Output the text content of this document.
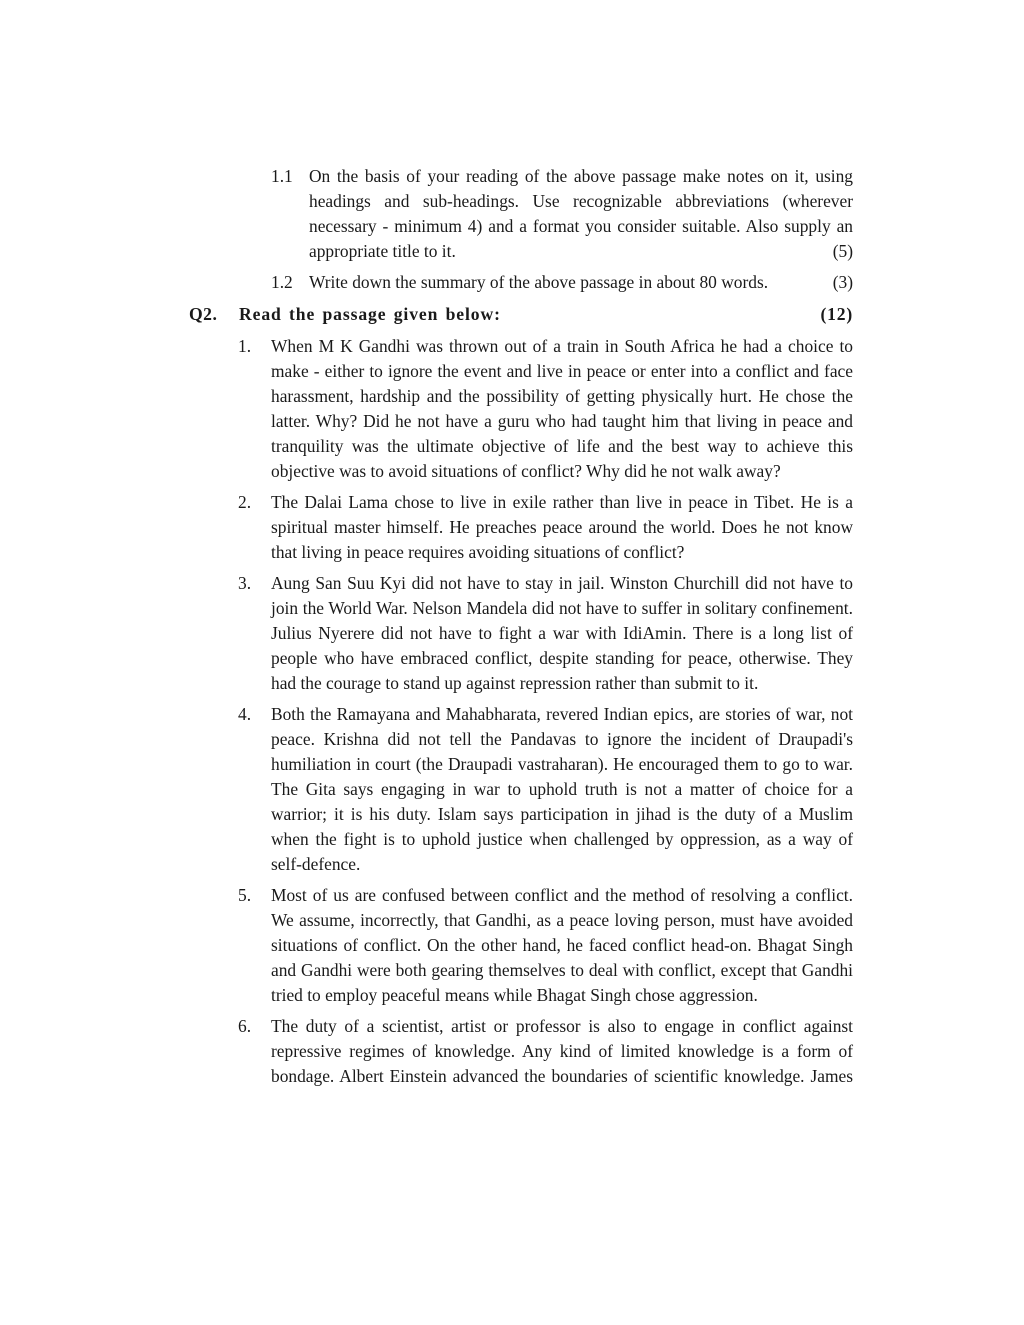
1.1 On the basis of your reading of the above passage make notes on it, using headings and sub-headings. Use recognizable abbreviations (wherever necessary - minimum 4) and a format you consider suitable. Also supply an appropriate title to it.	(5)
1.2	(3)
Write down the summary of the above passage in about 80 words.
Q2. Read the passage given below:	(12)
1. When M K Gandhi was thrown out of a train in South Africa he had a choice to make - either to ignore the event and live in peace or enter into a conflict and face harassment, hardship and the possibility of getting physically hurt. He chose the latter. Why? Did he not have a guru who had taught him that living in peace and tranquility was the ultimate objective of life and the best way to achieve this objective was to avoid situations of conflict? Why did he not walk away?
2. The Dalai Lama chose to live in exile rather than live in peace in Tibet. He is a spiritual master himself. He preaches peace around the world. Does he not know that living in peace requires avoiding situations of conflict?
3. Aung San Suu Kyi did not have to stay in jail. Winston Churchill did not have to join the World War. Nelson Mandela did not have to suffer in solitary confinement. Julius Nyerere did not have to fight a war with IdiAmin. There is a long list of people who have embraced conflict, despite standing for peace, otherwise. They had the courage to stand up against repression rather than submit to it.
4. Both the Ramayana and Mahabharata, revered Indian epics, are stories of war, not peace. Krishna did not tell the Pandavas to ignore the incident of Draupadi's humiliation in court (the Draupadi vastraharan). He encouraged them to go to war. The Gita says engaging in war to uphold truth is not a matter of choice for a warrior; it is his duty. Islam says participation in jihad is the duty of a Muslim when the fight is to uphold justice when challenged by oppression, as a way of self-defence.
5. Most of us are confused between conflict and the method of resolving a conflict. We assume, incorrectly, that Gandhi, as a peace loving person, must have avoided situations of conflict. On the other hand, he faced conflict head-on. Bhagat Singh and Gandhi were both gearing themselves to deal with conflict, except that Gandhi tried to employ peaceful means while Bhagat Singh chose aggression.
6. The duty of a scientist, artist or professor is also to engage in conflict against repressive regimes of knowledge. Any kind of limited knowledge is a form of bondage. Albert Einstein advanced the boundaries of scientific knowledge. James
